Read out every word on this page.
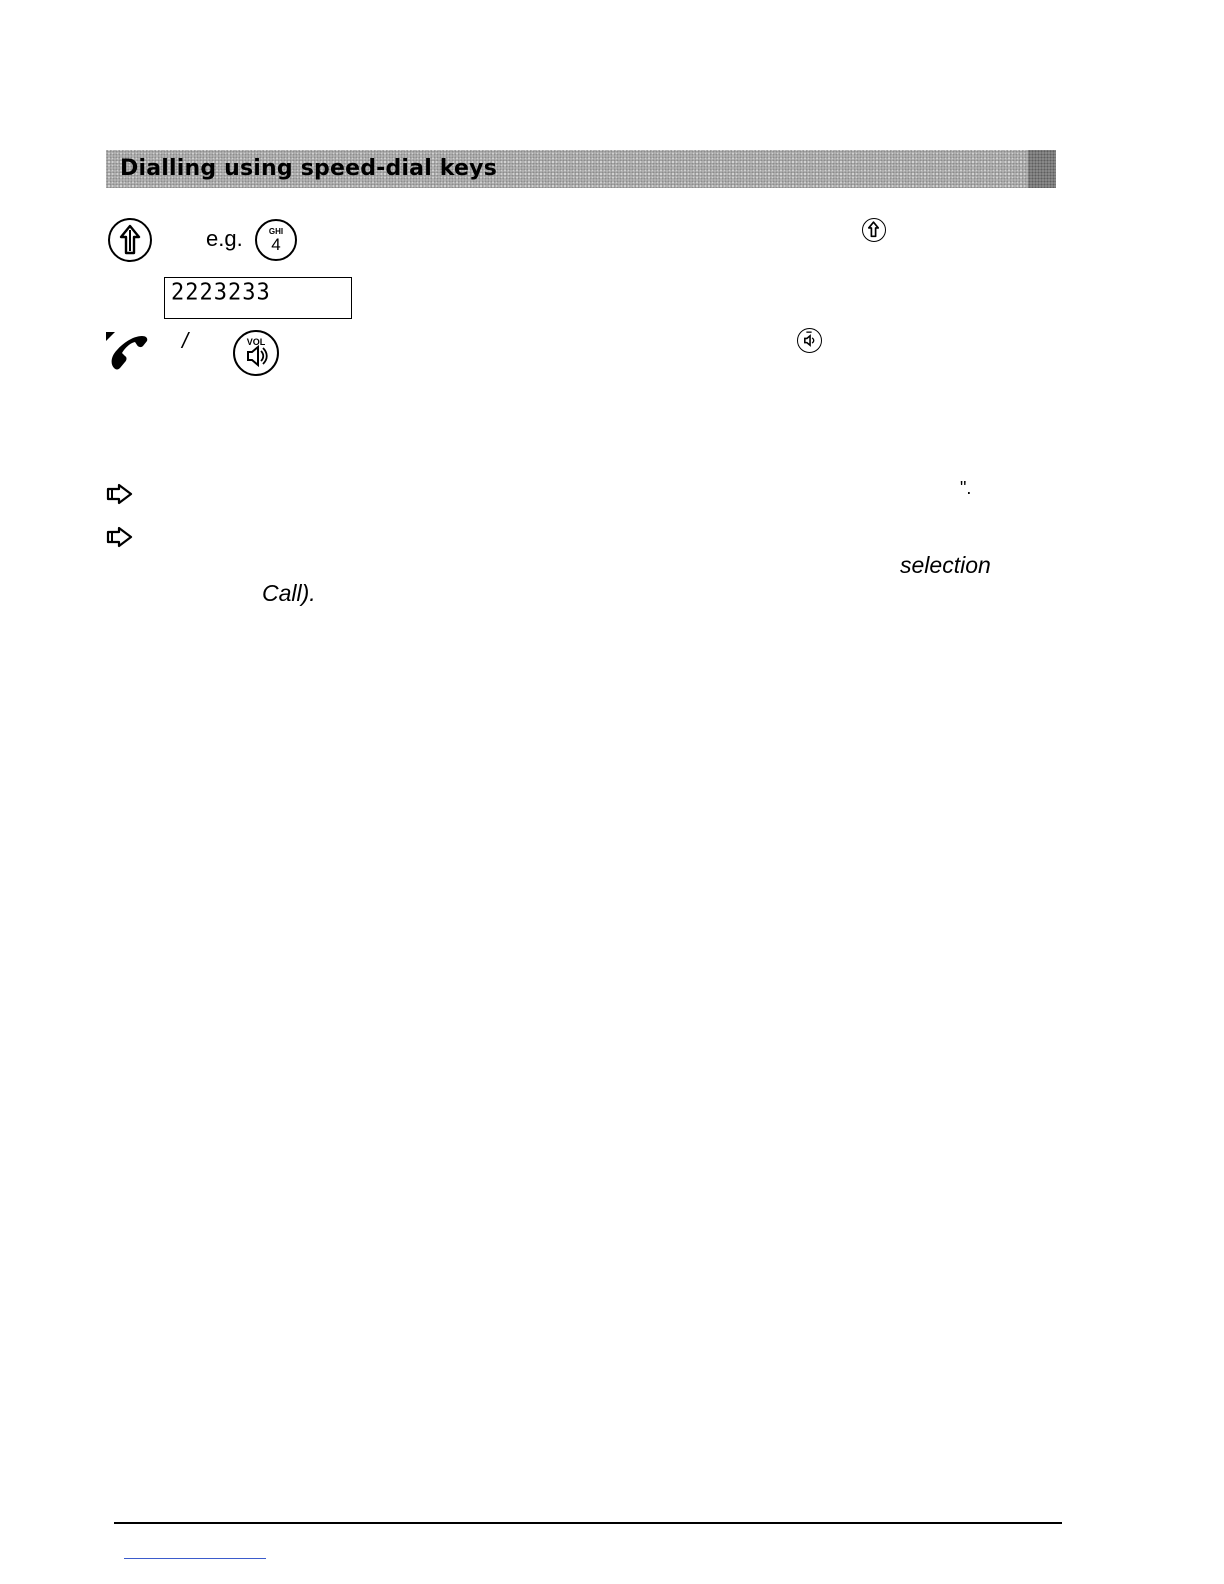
Dialling using speed-dial keys
e.g.	GHI
4
2223233
/	VOL
".
selection
Call).
